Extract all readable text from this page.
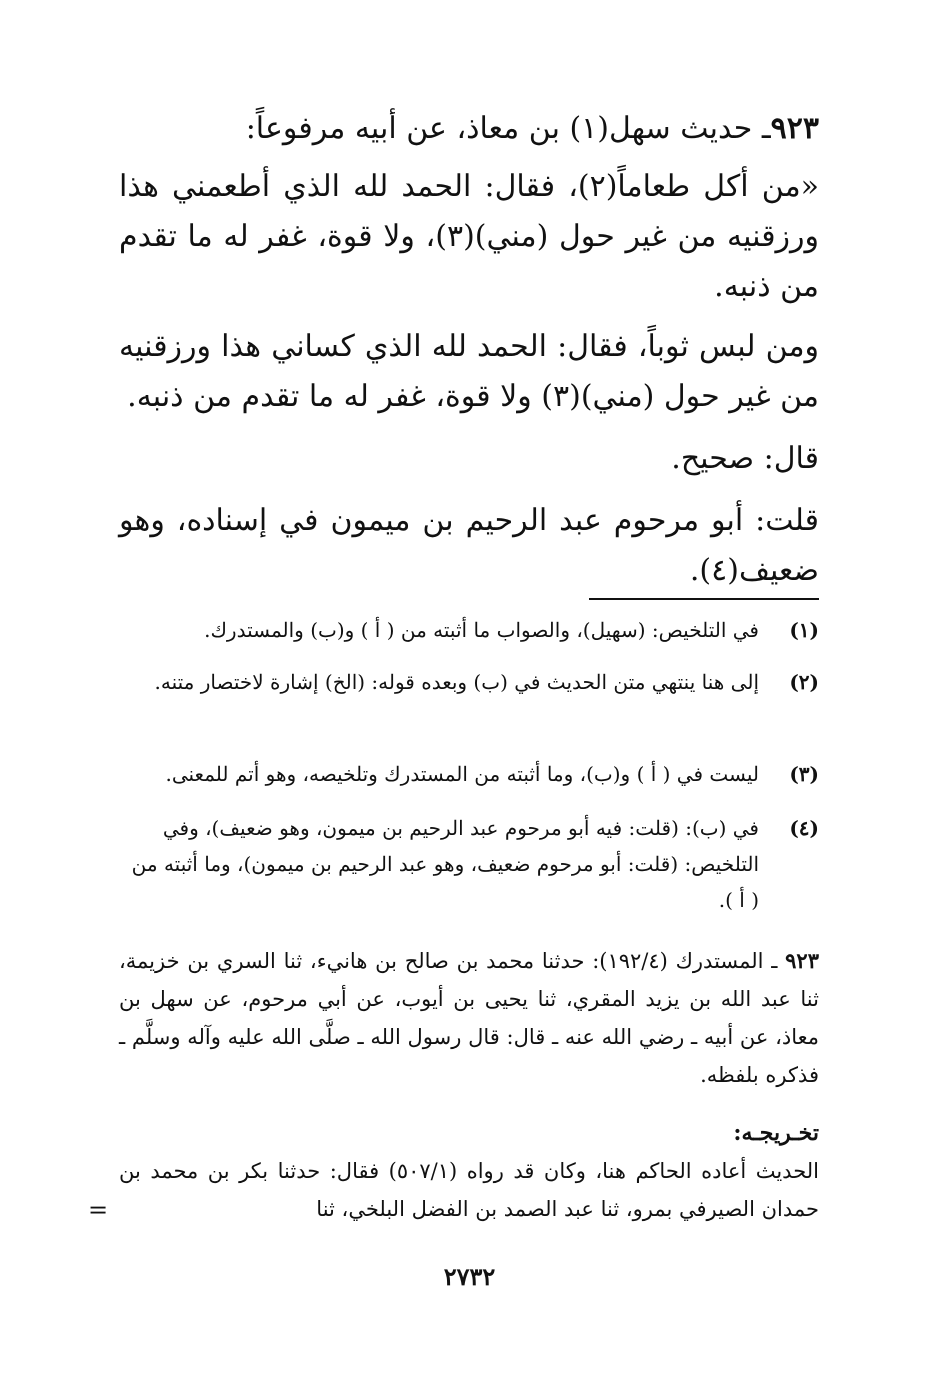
٩٢٣ـ حديث سهل(١) بن معاذ، عن أبيه مرفوعاً:

«من أكل طعاماً(٢)، فقال: الحمد لله الذي أطعمني هذا ورزقنيه من غير حول (مني)(٣)، ولا قوة، غفر له ما تقدم من ذنبه.

ومن لبس ثوباً، فقال: الحمد لله الذي كساني هذا ورزقنيه من غير حول (مني)(٣) ولا قوة، غفر له ما تقدم من ذنبه.

قال: صحيح.

قلت: أبو مرحوم عبد الرحيم بن ميمون في إسناده، وهو ضعيف(٤).

(١)
في التلخيص: (سهيل)، والصواب ما أثبته من ( أ ) و(ب) والمستدرك.
(٢)
إلى هنا ينتهي متن الحديث في (ب) وبعده قوله: (الخ) إشارة لاختصار متنه.
(٣)
ليست في ( أ ) و(ب)، وما أثبته من المستدرك وتلخيصه، وهو أتم للمعنى.
(٤)
في (ب): (قلت: فيه أبو مرحوم عبد الرحيم بن ميمون، وهو ضعيف)، وفي التلخيص: (قلت: أبو مرحوم ضعيف، وهو عبد الرحيم بن ميمون)، وما أثبته من ( أ ).
٩٢٣ ـ المستدرك (١٩٢/٤): حدثنا محمد بن صالح بن هانيء، ثنا السري بن خزيمة، ثنا عبد الله بن يزيد المقري، ثنا يحيى بن أيوب، عن أبي مرحوم، عن سهل بن معاذ، عن أبيه ـ رضي الله عنه ـ قال: قال رسول الله ـ صلَّى الله عليه وآله وسلَّم ـ فذكره بلفظه.
تخـريجـه:
الحديث أعاده الحاكم هنا، وكان قد رواه (٥٠٧/١) فقال: حدثنا بكر بن محمد بن حمدان الصيرفي بمرو، ثنا عبد الصمد بن الفضل البلخي، ثنا
=
٢٧٣٢
